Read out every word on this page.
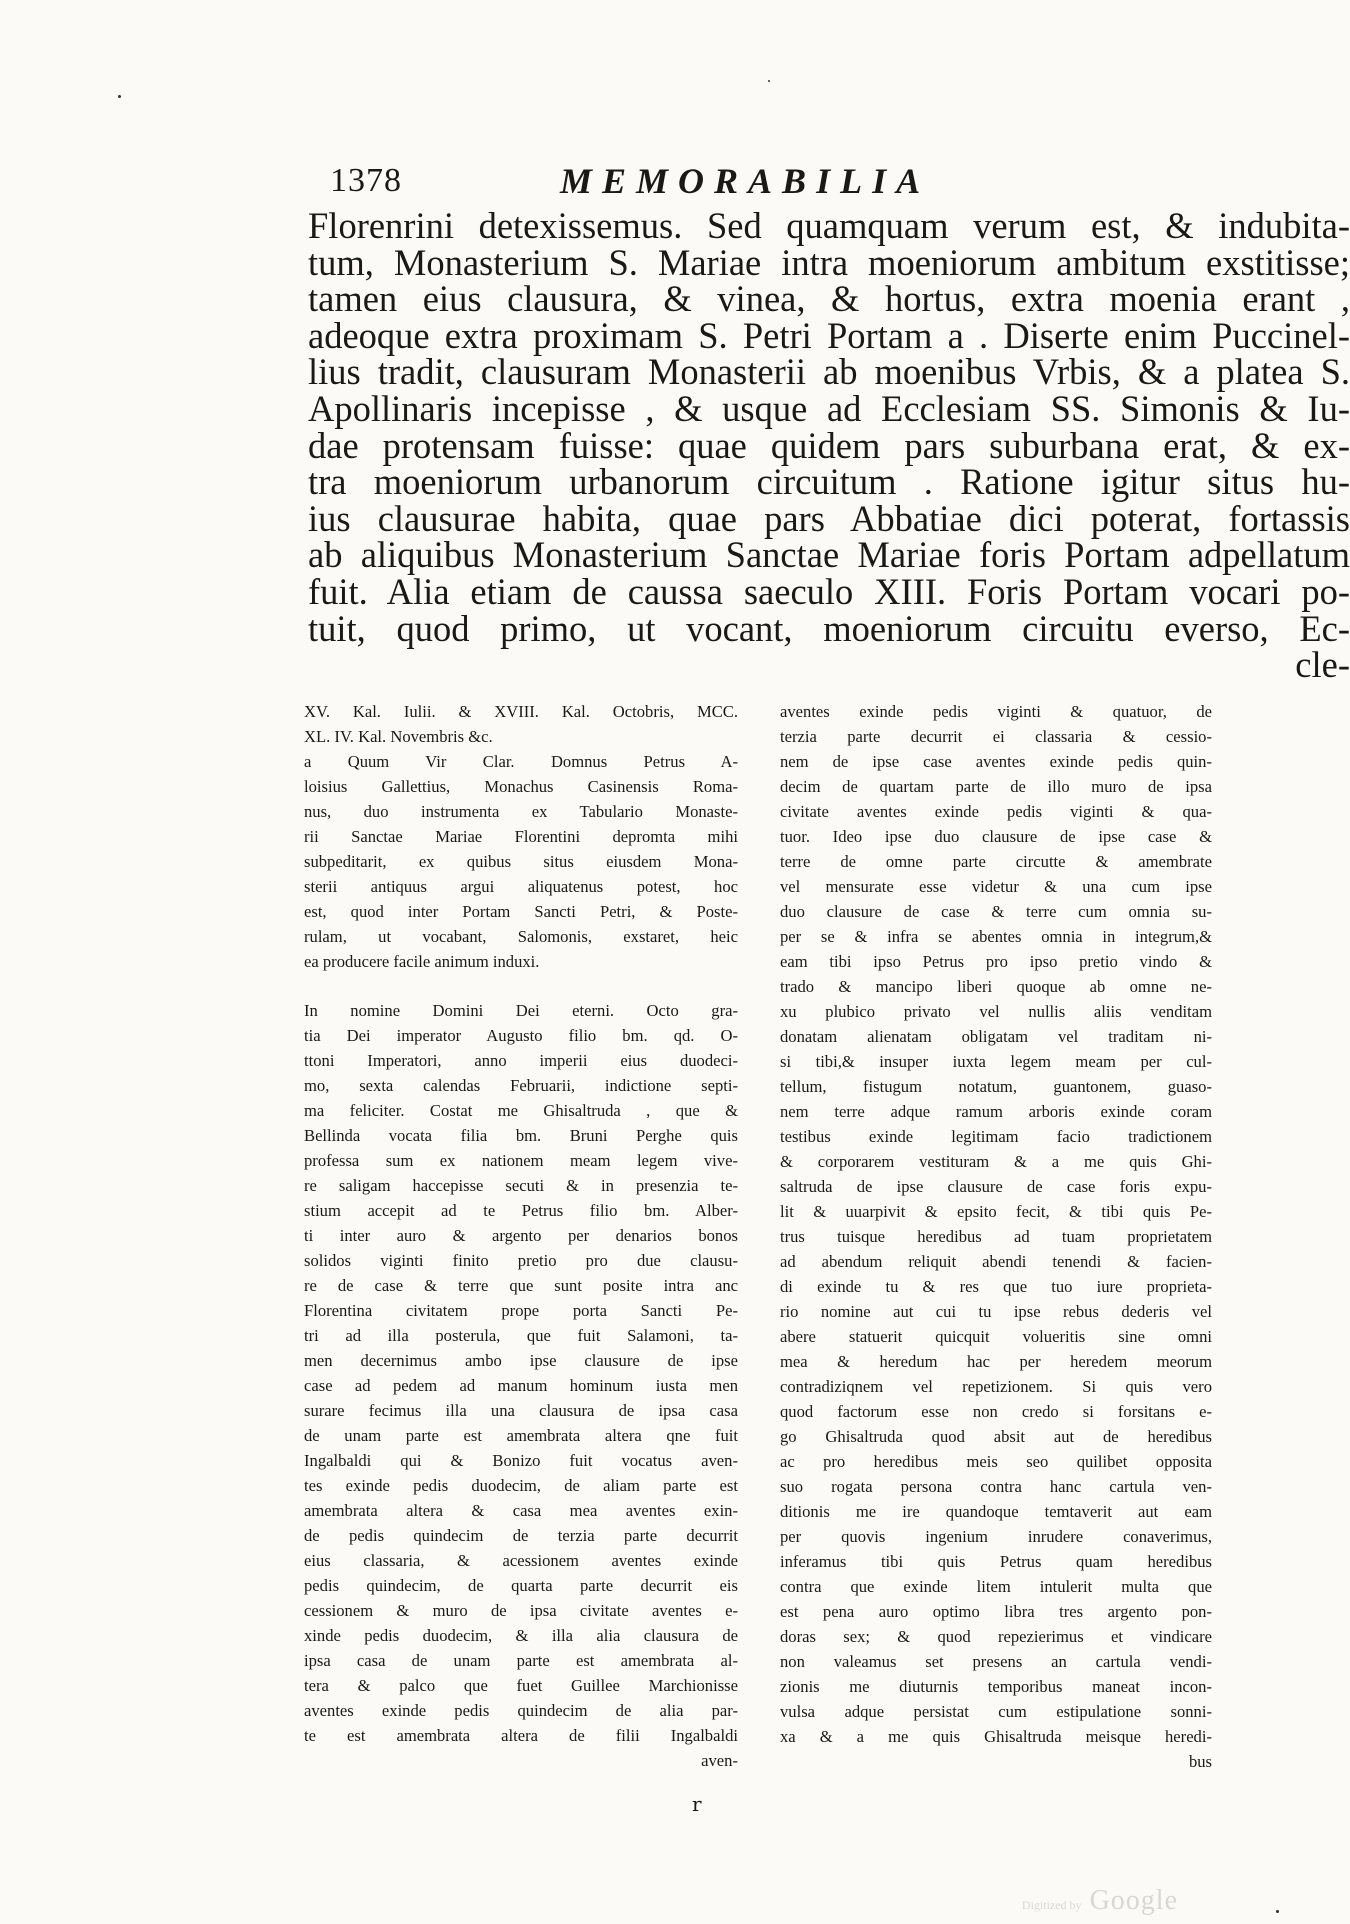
1378	MEMORABILIA
Florenrini detexissemus. Sed quamquam verum est, & indubita-
tum, Monasterium S. Mariae intra moeniorum ambitum exstitisse;
tamen eius clausura, & vinea, & hortus, extra moenia erant ,
adeoque extra proximam S. Petri Portam a . Diserte enim Puccinel-
lius tradit, clausuram Monasterii ab moenibus Vrbis, & a platea S.
Apollinaris incepisse , & usque ad Ecclesiam SS. Simonis & Iu-
dae protensam fuisse: quae quidem pars suburbana erat, & ex-
tra moeniorum urbanorum circuitum . Ratione igitur situs hu-
ius clausurae habita, quae pars Abbatiae dici poterat, fortassis
ab aliquibus Monasterium Sanctae Mariae foris Portam adpellatum
fuit. Alia etiam de caussa saeculo XIII. Foris Portam vocari po-
tuit, quod primo, ut vocant, moeniorum circuitu everso, Ec-
cle-
XV. Kal. Iulii. & XVIII. Kal. Octobris, MCC.
XL. IV. Kal. Novembris &c.
a Quum Vir Clar. Domnus Petrus A-
loisius Gallettius, Monachus Casinensis Roma-
nus, duo instrumenta ex Tabulario Monaste-
rii Sanctae Mariae Florentini depromta mihi
subpeditarit, ex quibus situs eiusdem Mona-
sterii antiquus argui aliquatenus potest, hoc
est, quod inter Portam Sancti Petri, & Poste-
rulam, ut vocabant, Salomonis, exstaret, heic
ea producere facile animum induxi.
In nomine Domini Dei eterni. Octo gra-
tia Dei imperator Augusto filio bm. qd. O-
ttoni Imperatori, anno imperii eius duodeci-
mo, sexta calendas Februarii, indictione septi-
ma feliciter. Costat me Ghisaltruda , que &
Bellinda vocata filia bm. Bruni Perghe quis
professa sum ex nationem meam legem vive-
re saligam haccepisse secuti & in presenzia te-
stium accepit ad te Petrus filio bm. Alber-
ti inter auro & argento per denarios bonos
solidos viginti finito pretio pro due clausu-
re de case & terre que sunt posite intra anc
Florentina civitatem prope porta Sancti Pe-
tri ad illa posterula, que fuit Salamoni, ta-
men decernimus ambo ipse clausure de ipse
case ad pedem ad manum hominum iusta men
surare fecimus illa una clausura de ipsa casa
de unam parte est amembrata altera qne fuit
Ingalbaldi qui & Bonizo fuit vocatus aven-
tes exinde pedis duodecim, de aliam parte est
amembrata altera & casa mea aventes exin-
de pedis quindecim de terzia parte decurrit
eius classaria, & acessionem aventes exinde
pedis quindecim, de quarta parte decurrit eis
cessionem & muro de ipsa civitate aventes e-
xinde pedis duodecim, & illa alia clausura de
ipsa casa de unam parte est amembrata al-
tera & palco que fuet Guillee Marchionisse
aventes exinde pedis quindecim de alia par-
te est amembrata altera de filii Ingalbaldi
aven-
aventes exinde pedis viginti & quatuor, de
terzia parte decurrit ei classaria & cessio-
nem de ipse case aventes exinde pedis quin-
decim de quartam parte de illo muro de ipsa
civitate aventes exinde pedis viginti & qua-
tuor. Ideo ipse duo clausure de ipse case &
terre de omne parte circutte & amembrate
vel mensurate esse videtur & una cum ipse
duo clausure de case & terre cum omnia su-
per se & infra se abentes omnia in integrum,&
eam tibi ipso Petrus pro ipso pretio vindo &
trado & mancipo liberi quoque ab omne ne-
xu plubico privato vel nullis aliis venditam
donatam alienatam obligatam vel traditam ni-
si tibi,& insuper iuxta legem meam per cul-
tellum, fistugum notatum, guantonem, guaso-
nem terre adque ramum arboris exinde coram
testibus exinde legitimam facio tradictionem
& corporarem vestituram & a me quis Ghi-
saltruda de ipse clausure de case foris expu-
lit & uuarpivit & epsito fecit, & tibi quis Pe-
trus tuisque heredibus ad tuam proprietatem
ad abendum reliquit abendi tenendi & facien-
di exinde tu & res que tuo iure proprieta-
rio nomine aut cui tu ipse rebus dederis vel
abere statuerit quicquit volueritis sine omni
mea & heredum hac per heredem meorum
contradiziqnem vel repetizionem. Si quis vero
quod factorum esse non credo si forsitans e-
go Ghisaltruda quod absit aut de heredibus
ac pro heredibus meis seo quilibet opposita
suo rogata persona contra hanc cartula ven-
ditionis me ire quandoque temtaverit aut eam
per quovis ingenium inrudere conaverimus,
inferamus tibi quis Petrus quam heredibus
contra que exinde litem intulerit multa que
est pena auro optimo libra tres argento pon-
doras sex; & quod repezierimus et vindicare
non valeamus set presens an cartula vendi-
zionis me diuturnis temporibus maneat incon-
vulsa adque persistat cum estipulatione sonni-
xa & a me quis Ghisaltruda meisque heredi-
bus
r
Digitized by Google
